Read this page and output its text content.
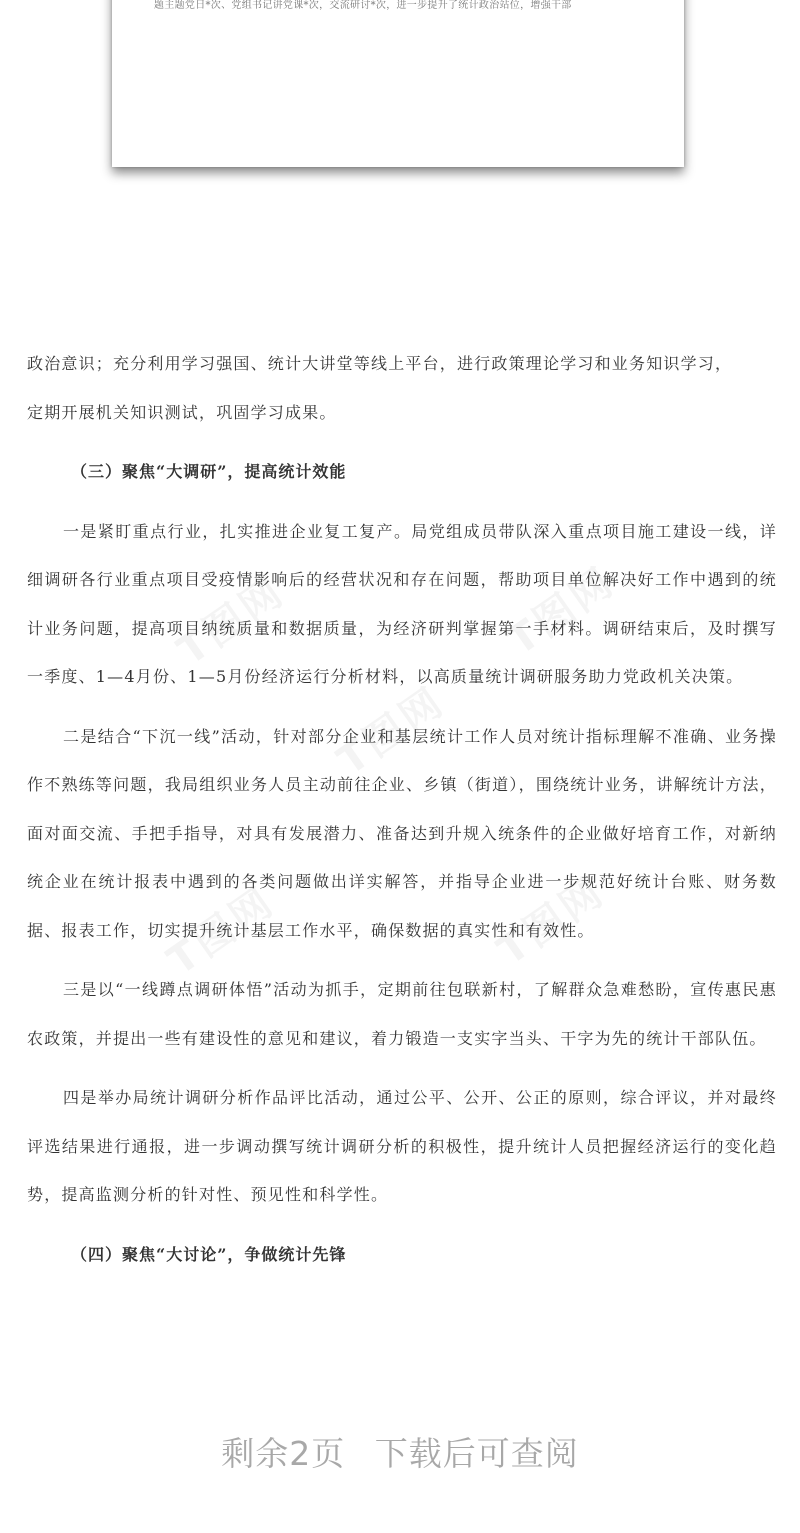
题主题党日*次、党组书记讲党课*次，交流研讨*次，进一步提升了统计政治站位，增强干部
T图网	T图网
T图网
T图网	T图网

政治意识；充分利用学习强国、统计大讲堂等线上平台，进行政策理论学习和业务知识学习，

定期开展机关知识测试，巩固学习成果。

（三）聚焦“大调研”，提高统计效能

一是紧盯重点行业，扎实推进企业复工复产。局党组成员带队深入重点项目施工建设一线，详细调研各行业重点项目受疫情影响后的经营状况和存在问题，帮助项目单位解决好工作中遇到的统计业务问题，提高项目纳统质量和数据质量，为经济研判掌握第一手材料。调研结束后，及时撰写一季度、1—4月份、1—5月份经济运行分析材料，以高质量统计调研服务助力党政机关决策。

二是结合“下沉一线”活动，针对部分企业和基层统计工作人员对统计指标理解不准确、业务操作不熟练等问题，我局组织业务人员主动前往企业、乡镇（街道），围绕统计业务，讲解统计方法，面对面交流、手把手指导，对具有发展潜力、准备达到升规入统条件的企业做好培育工作，对新纳统企业在统计报表中遇到的各类问题做出详实解答，并指导企业进一步规范好统计台账、财务数据、报表工作，切实提升统计基层工作水平，确保数据的真实性和有效性。

三是以“一线蹲点调研体悟”活动为抓手，定期前往包联新村，了解群众急难愁盼，宣传惠民惠农政策，并提出一些有建设性的意见和建议，着力锻造一支实字当头、干字为先的统计干部队伍。

四是举办局统计调研分析作品评比活动，通过公平、公开、公正的原则，综合评议，并对最终评选结果进行通报，进一步调动撰写统计调研分析的积极性，提升统计人员把握经济运行的变化趋势，提高监测分析的针对性、预见性和科学性。

（四）聚焦“大讨论”，争做统计先锋

剩余2页 下载后可查阅
